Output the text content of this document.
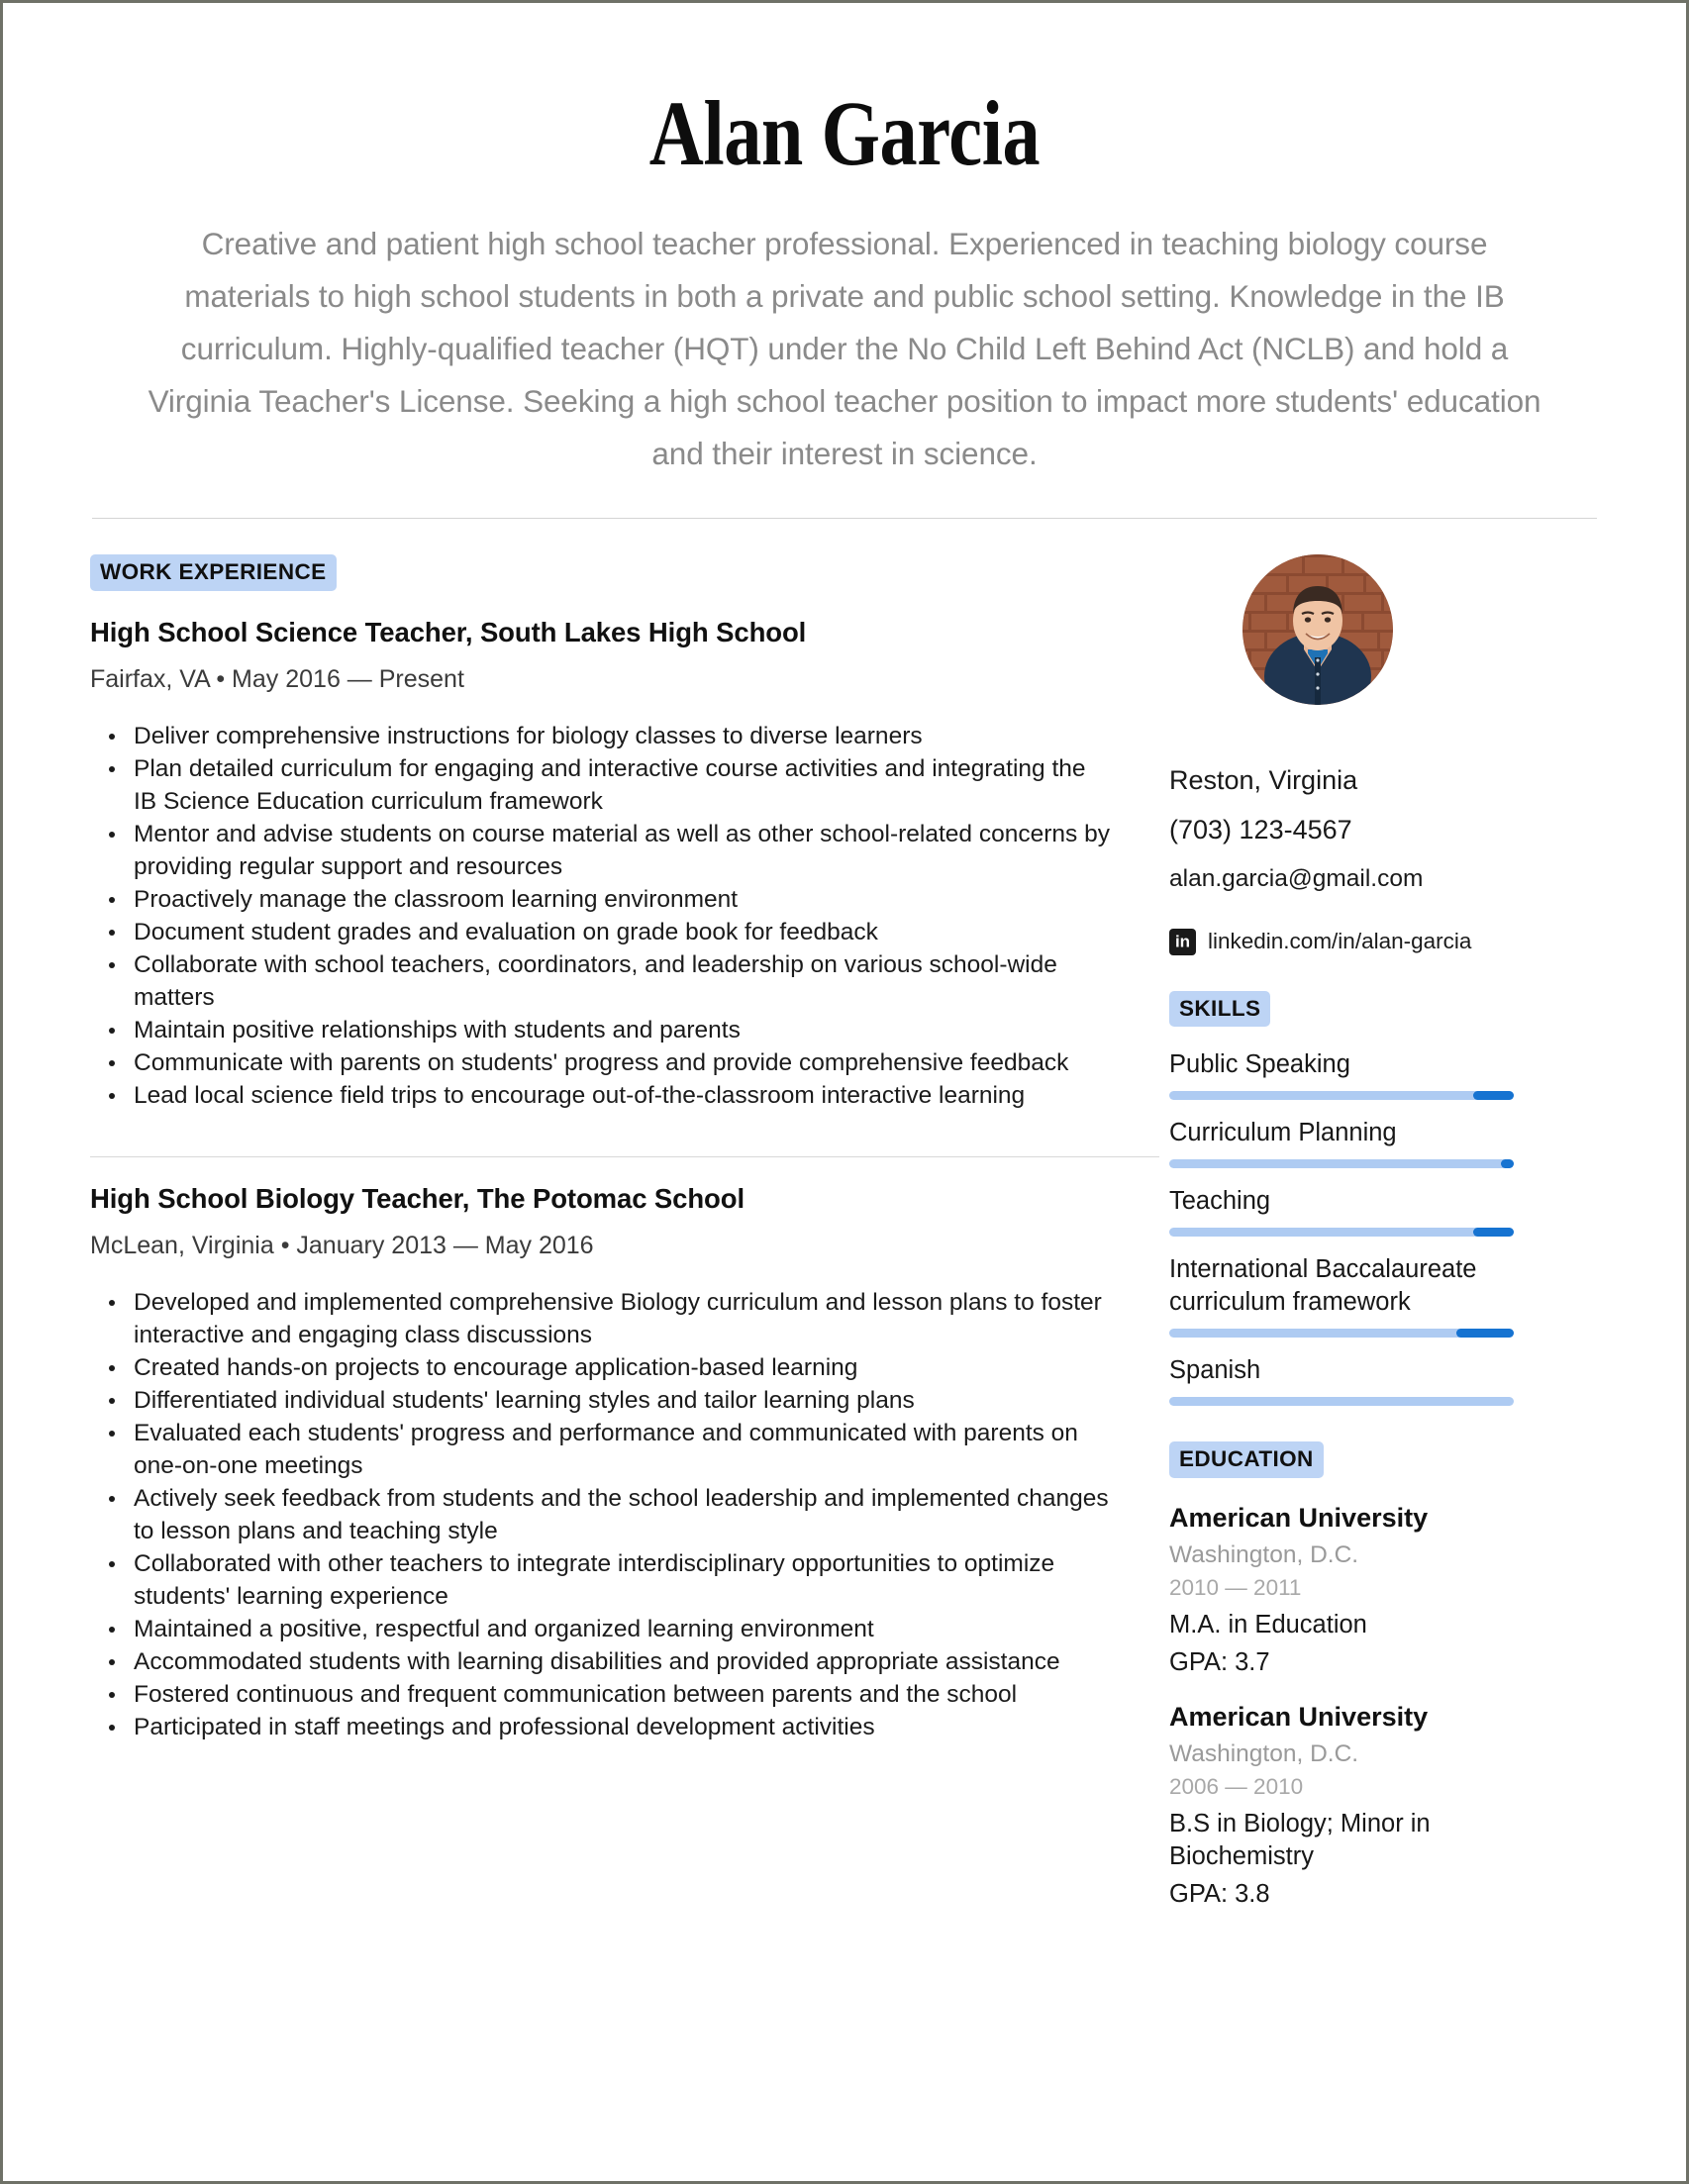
Alan Garcia

Creative and patient high school teacher professional. Experienced in teaching biology course materials to high school students in both a private and public school setting. Knowledge in the IB curriculum. Highly-qualified teacher (HQT) under the No Child Left Behind Act (NCLB) and hold a Virginia Teacher's License. Seeking a high school teacher position to impact more students' education and their interest in science.

WORK EXPERIENCE
High School Science Teacher, South Lakes High School
Fairfax, VA • May 2016 — Present
Deliver comprehensive instructions for biology classes to diverse learners
Plan detailed curriculum for engaging and interactive course activities and integrating the IB Science Education curriculum framework
Mentor and advise students on course material as well as other school-related concerns by providing regular support and resources
Proactively manage the classroom learning environment
Document student grades and evaluation on grade book for feedback
Collaborate with school teachers, coordinators, and leadership on various school-wide matters
Maintain positive relationships with students and parents
Communicate with parents on students' progress and provide comprehensive feedback
Lead local science field trips to encourage out-of-the-classroom interactive learning
High School Biology Teacher, The Potomac School
McLean, Virginia • January 2013 — May 2016
Developed and implemented comprehensive Biology curriculum and lesson plans to foster interactive and engaging class discussions
Created hands-on projects to encourage application-based learning
Differentiated individual students' learning styles and tailor learning plans
Evaluated each students' progress and performance and communicated with parents on one-on-one meetings
Actively seek feedback from students and the school leadership and implemented changes to lesson plans and teaching style
Collaborated with other teachers to integrate interdisciplinary opportunities to optimize students' learning experience
Maintained a positive, respectful and organized learning environment
Accommodated students with learning disabilities and provided appropriate assistance
Fostered continuous and frequent communication between parents and the school
Participated in staff meetings and professional development activities
Reston, Virginia
(703) 123-4567
alan.garcia@gmail.com
in
linkedin.com/in/alan-garcia
SKILLS
Public Speaking
Curriculum Planning
Teaching
International Baccalaureate curriculum framework
Spanish
EDUCATION
American University
Washington, D.C.
2010 — 2011
M.A. in Education
GPA: 3.7
American University
Washington, D.C.
2006 — 2010
B.S in Biology; Minor in Biochemistry
GPA: 3.8
